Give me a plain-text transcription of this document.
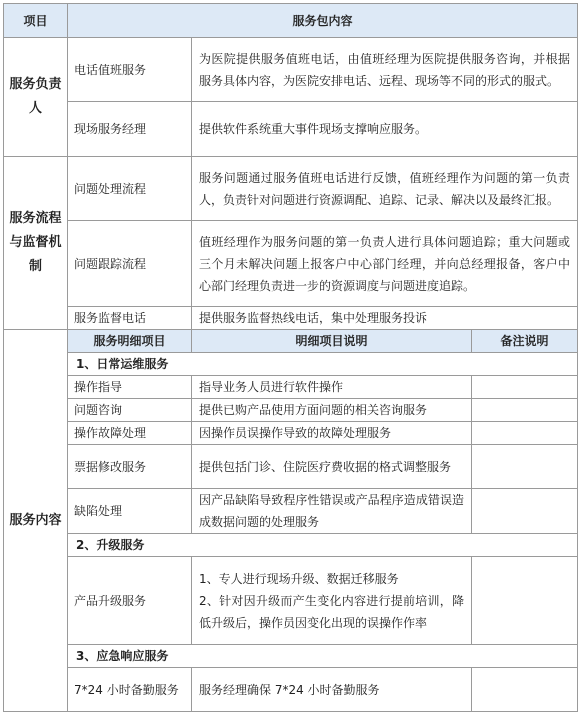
项目	服务包内容		
服务负责人	电话值班服务	为医院提供服务值班电话，由值班经理为医院提供服务咨询，并根据服务具体内容，为医院安排电话、远程、现场等不同的形式的服式。	
	现场服务经理	提供软件系统重大事件现场支撑响应服务。	
服务流程与监督机制	问题处理流程	服务问题通过服务值班电话进行反馈，值班经理作为问题的第一负责人，负责针对问题进行资源调配、追踪、记录、解决以及最终汇报。	
	问题跟踪流程	值班经理作为服务问题的第一负责人进行具体问题追踪；重大问题或三个月未解决问题上报客户中心部门经理，并向总经理报备，客户中心部门经理负责进一步的资源调度与问题进度追踪。	
	服务监督电话	提供服务监督热线电话，集中处理服务投诉	
服务内容	服务明细项目	明细项目说明	备注说明
	1、日常运维服务		
	操作指导	指导业务人员进行软件操作	
	问题咨询	提供已购产品使用方面问题的相关咨询服务	
	操作故障处理	因操作员误操作导致的故障处理服务	
	票据修改服务	提供包括门诊、住院医疗费收据的格式调整服务	
	缺陷处理	因产品缺陷导致程序性错误或产品程序造成错误造成数据问题的处理服务	
	2、升级服务		
	产品升级服务	1、专人进行现场升级、数据迁移服务
2、针对因升级而产生变化内容进行提前培训，降低升级后，操作员因变化出现的误操作作率	

	3、应急响应服务		
	7*24 小时备勤服务	服务经理确保 7*24 小时备勤服务	
